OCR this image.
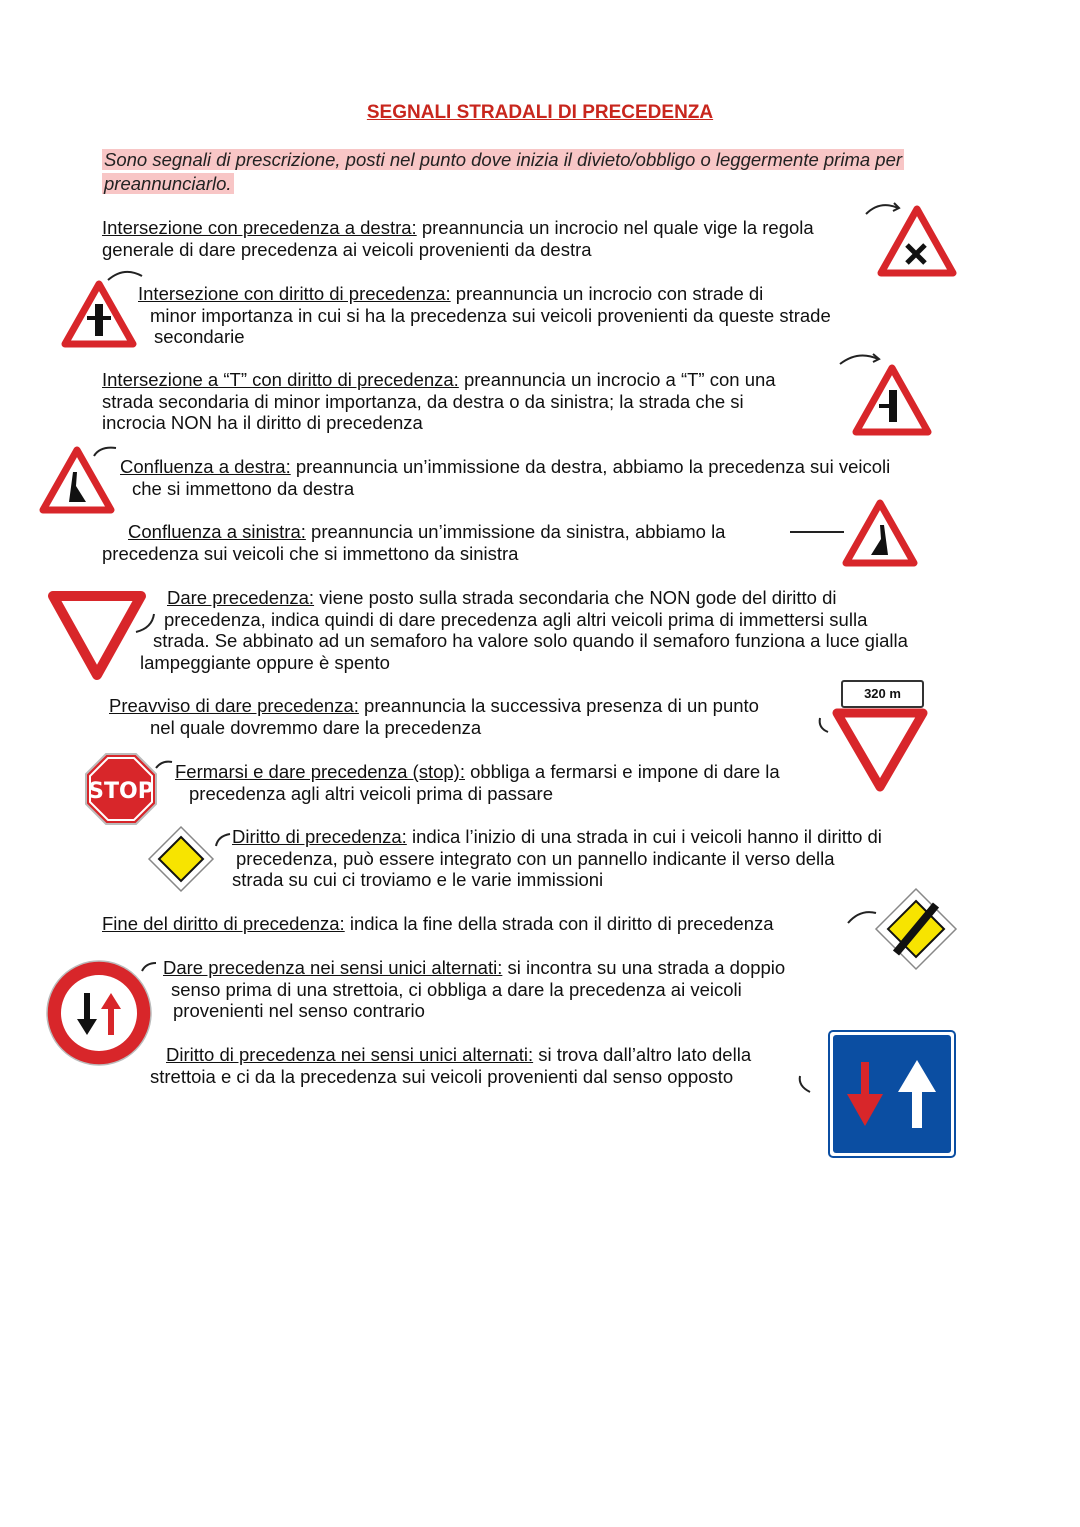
SEGNALI STRADALI DI PRECEDENZA
Sono segnali di prescrizione, posti nel punto dove inizia il divieto/obbligo o leggermente prima per
preannunciarlo.
Intersezione con precedenza a destra: preannuncia un incrocio nel quale vige la regola
generale di dare precedenza ai veicoli provenienti da destra
Intersezione con diritto di precedenza: preannuncia un incrocio con strade di
minor importanza in cui si ha la precedenza sui veicoli provenienti da queste strade
secondarie
Intersezione a “T” con diritto di precedenza: preannuncia un incrocio a “T” con una
strada secondaria di minor importanza, da destra o da sinistra; la strada che si
incrocia NON ha il diritto di precedenza
Confluenza a destra: preannuncia un’immissione da destra, abbiamo la precedenza sui veicoli
che si immettono da destra
Confluenza a sinistra: preannuncia un’immissione da sinistra, abbiamo la
precedenza sui veicoli che si immettono da sinistra
Dare precedenza: viene posto sulla strada secondaria che NON gode del diritto di
precedenza, indica quindi di dare precedenza agli altri veicoli prima di immettersi sulla
strada. Se abbinato ad un semaforo ha valore solo quando il semaforo funziona a luce gialla
lampeggiante oppure è spento
Preavviso di dare precedenza: preannuncia la successiva presenza di un punto
nel quale dovremmo dare la precedenza
Fermarsi e dare precedenza (stop): obbliga a fermarsi e impone di dare la
precedenza agli altri veicoli prima di passare
Diritto di precedenza: indica l’inizio di una strada in cui i veicoli hanno il diritto di
precedenza, può essere integrato con un pannello indicante il verso della
strada su cui ci troviamo e le varie immissioni
Fine del diritto di precedenza: indica la fine della strada con il diritto di precedenza
Dare precedenza nei sensi unici alternati: si incontra su una strada a doppio
senso prima di una strettoia, ci obbliga a dare la precedenza ai veicoli
provenienti nel senso contrario
Diritto di precedenza nei sensi unici alternati: si trova dall’altro lato della
strettoia e ci da la precedenza sui veicoli provenienti dal senso opposto
320 m
STOP
